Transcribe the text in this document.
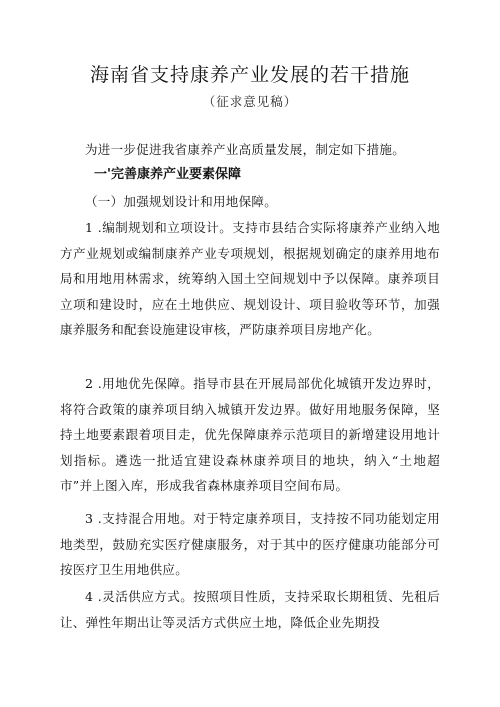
海南省支持康养产业发展的若干措施
（征求意见稿）
为进一步促进我省康养产业高质量发展，制定如下措施。
一'完善康养产业要素保障
（一）加强规划设计和用地保障。
1 .编制规划和立项设计。支持市县结合实际将康养产业纳入地方产业规划或编制康养产业专项规划，根据规划确定的康养用地布局和用地用林需求，统筹纳入国土空间规划中予以保障。康养项目立项和建设时，应在土地供应、规划设计、项目验收等环节，加强康养服务和配套设施建设审核，严防康养项目房地产化。
2 .用地优先保障。指导市县在开展局部优化城镇开发边界时，将符合政策的康养项目纳入城镇开发边界。做好用地服务保障，坚持土地要素跟着项目走，优先保障康养示范项目的新增建设用地计划指标。遴选一批适宜建设森林康养项目的地块，纳入“土地超市”并上图入库，形成我省森林康养项目空间布局。
3 .支持混合用地。对于特定康养项目，支持按不同功能划定用地类型，鼓励充实医疗健康服务，对于其中的医疗健康功能部分可按医疗卫生用地供应。
4 .灵活供应方式。按照项目性质，支持采取长期租赁、先租后让、弹性年期出让等灵活方式供应土地，降低企业先期投
